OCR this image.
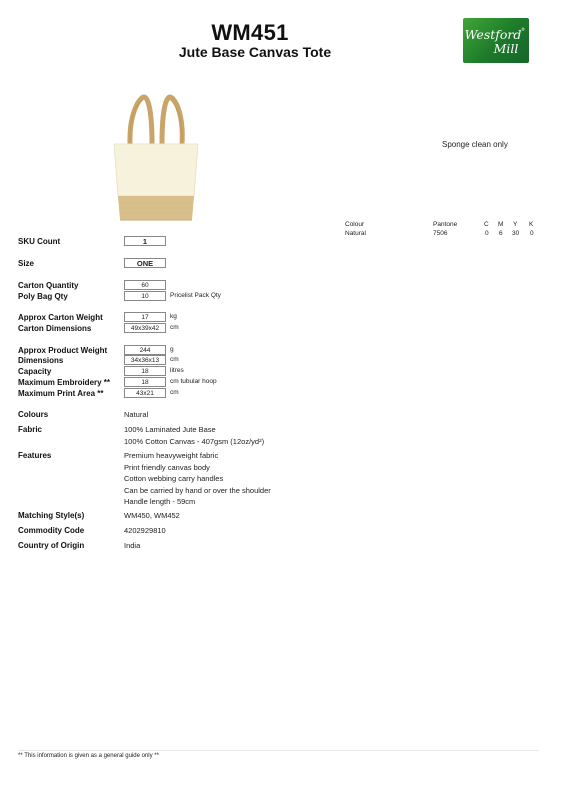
WM451
Jute Base Canvas Tote
Westford
Mill
®
Sponge clean only
Colour	Pantone	C M Y K
Natural	7506	0 6 30 0
SKU Count	1
Size	ONE
Carton Quantity	60
Poly Bag Qty	10	Pricelist Pack Qty
Approx Carton Weight	17	kg
Carton Dimensions	49x39x42	cm
Approx Product Weight	244	g
Dimensions	34x36x13	cm
Capacity	18	litres
Maximum Embroidery **	18	cm tubular hoop
Maximum Print Area **	43x21	cm
Colours	Natural
Fabric	100% Laminated Jute Base
100% Cotton Canvas - 407gsm (12oz/yd²)
Features	Premium heavyweight fabric
Print friendly canvas body
Cotton webbing carry handles
Can be carried by hand or over the shoulder
Handle length - 59cm
Matching Style(s)	WM450, WM452
Commodity Code	4202929810
Country of Origin	India
** This information is given as a general guide only **
